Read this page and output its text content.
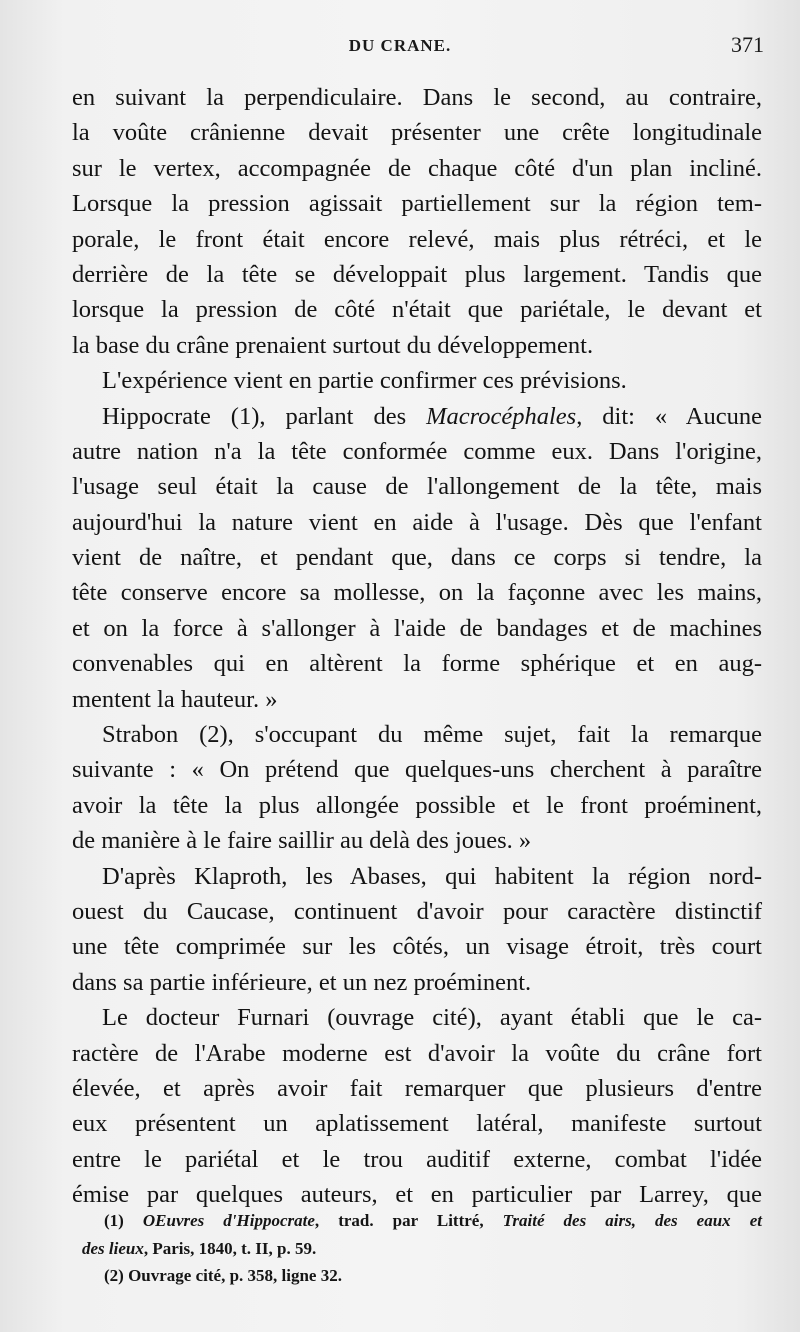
DU CRANE.	371
en suivant la perpendiculaire. Dans le second, au contraire,
la voûte crânienne devait présenter une crête longitudinale
sur le vertex, accompagnée de chaque côté d'un plan incliné.
Lorsque la pression agissait partiellement sur la région tem-
porale, le front était encore relevé, mais plus rétréci, et le
derrière de la tête se développait plus largement. Tandis que
lorsque la pression de côté n'était que pariétale, le devant et
la base du crâne prenaient surtout du développement.
L'expérience vient en partie confirmer ces prévisions.
Hippocrate (1), parlant des Macrocéphales, dit: « Aucune
autre nation n'a la tête conformée comme eux. Dans l'origine,
l'usage seul était la cause de l'allongement de la tête, mais
aujourd'hui la nature vient en aide à l'usage. Dès que l'enfant
vient de naître, et pendant que, dans ce corps si tendre, la
tête conserve encore sa mollesse, on la façonne avec les mains,
et on la force à s'allonger à l'aide de bandages et de machines
convenables qui en altèrent la forme sphérique et en aug-
mentent la hauteur. »
Strabon (2), s'occupant du même sujet, fait la remarque
suivante : « On prétend que quelques-uns cherchent à paraître
avoir la tête la plus allongée possible et le front proéminent,
de manière à le faire saillir au delà des joues. »
D'après Klaproth, les Abases, qui habitent la région nord-
ouest du Caucase, continuent d'avoir pour caractère distinctif
une tête comprimée sur les côtés, un visage étroit, très court
dans sa partie inférieure, et un nez proéminent.
Le docteur Furnari (ouvrage cité), ayant établi que le ca-
ractère de l'Arabe moderne est d'avoir la voûte du crâne fort
élevée, et après avoir fait remarquer que plusieurs d'entre
eux présentent un aplatissement latéral, manifeste surtout
entre le pariétal et le trou auditif externe, combat l'idée
émise par quelques auteurs, et en particulier par Larrey, que
(1) OEuvres d'Hippocrate, trad. par Littré, Traité des airs, des eaux et
des lieux, Paris, 1840, t. II, p. 59.
(2) Ouvrage cité, p. 358, ligne 32.
